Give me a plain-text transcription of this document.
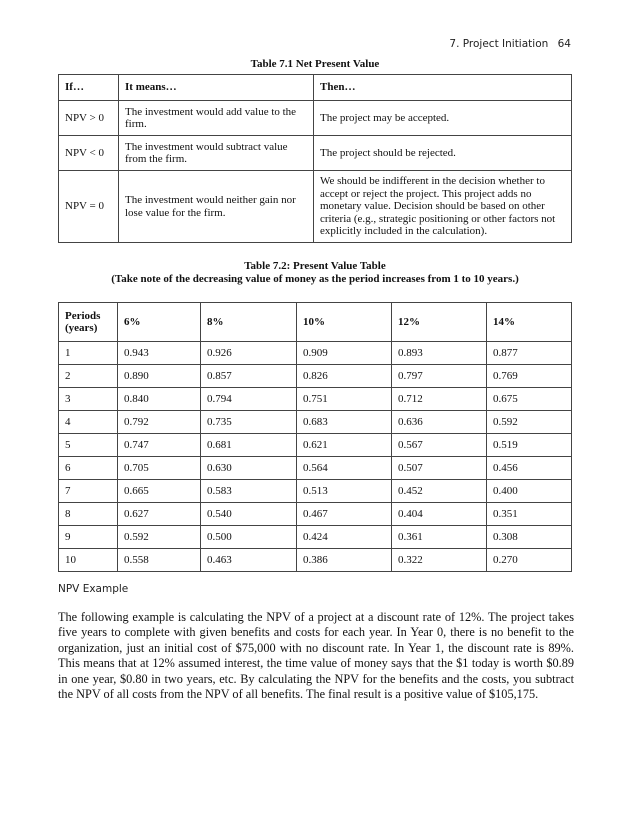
7. Project Initiation 64
Table 7.1 Net Present Value
If…	It means…	Then…
NPV > 0	The investment would add value to the firm.	The project may be accepted.
NPV < 0	The investment would subtract value from the firm.	The project should be rejected.
NPV = 0	The investment would neither gain nor lose value for the firm.	We should be indifferent in the decision whether to accept or reject the project. This project adds no monetary value. Decision should be based on other criteria (e.g., strategic positioning or other factors not explicitly included in the calculation).
Table 7.2: Present Value Table
(Take note of the decreasing value of money as the period increases from 1 to 10 years.)
Periods (years)	6%	8%	10%	12%	14%
1	0.943	0.926	0.909	0.893	0.877
2	0.890	0.857	0.826	0.797	0.769
3	0.840	0.794	0.751	0.712	0.675
4	0.792	0.735	0.683	0.636	0.592
5	0.747	0.681	0.621	0.567	0.519
6	0.705	0.630	0.564	0.507	0.456
7	0.665	0.583	0.513	0.452	0.400
8	0.627	0.540	0.467	0.404	0.351
9	0.592	0.500	0.424	0.361	0.308
10	0.558	0.463	0.386	0.322	0.270
NPV Example

The following example is calculating the NPV of a project at a discount rate of 12%. The project takes five years to complete with given benefits and costs for each year. In Year 0, there is no benefit to the organization, just an initial cost of $75,000 with no discount rate. In Year 1, the discount rate is 89%. This means that at 12% assumed interest, the time value of money says that the $1 today is worth $0.89 in one year, $0.80 in two years, etc. By calculating the NPV for the benefits and the costs, you subtract the NPV of all costs from the NPV of all benefits. The final result is a positive value of $105,175.
